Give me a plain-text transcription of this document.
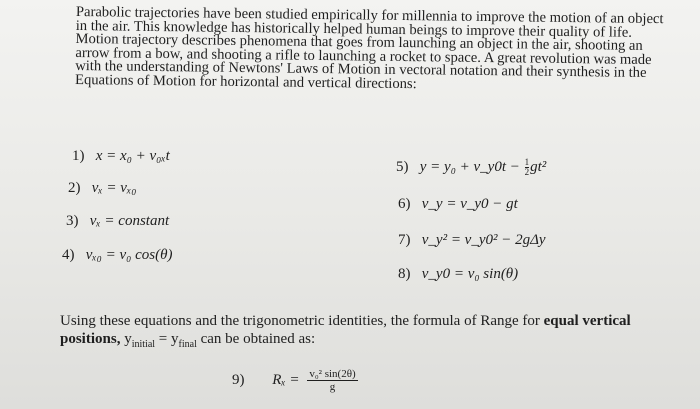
Parabolic trajectories have been studied empirically for millennia to improve the motion of an object in the air. This knowledge has historically helped human beings to improve their quality of life. Motion trajectory describes phenomena that goes from launching an object in the air, shooting an arrow from a bow, and shooting a rifle to launching a rocket to space. A great revolution was made with the understanding of Newtons' Laws of Motion in vectoral notation and their synthesis in the Equations of Motion for horizontal and vertical directions:

1) x = x₀ + v₀ₓt
2) vₓ = vₓ₀
3) vₓ = constant
4) vₓ₀ = v₀ cos(θ)
5) y = y₀ + v_y0t − $\frac{1}{2} gt^2$
6) v_y = v_y0 − gt
7) v_y² = v_y0² − 2gΔy
8) v_y0 = v₀ sin(θ)
Using these equations and the trigonometric identities, the formula of Range for equal vertical positions, $y_{initial} = y_{final}$ can be obtained as:
9) $R_x = \frac{\text{v₀² sin(2θ)}}{g}$
